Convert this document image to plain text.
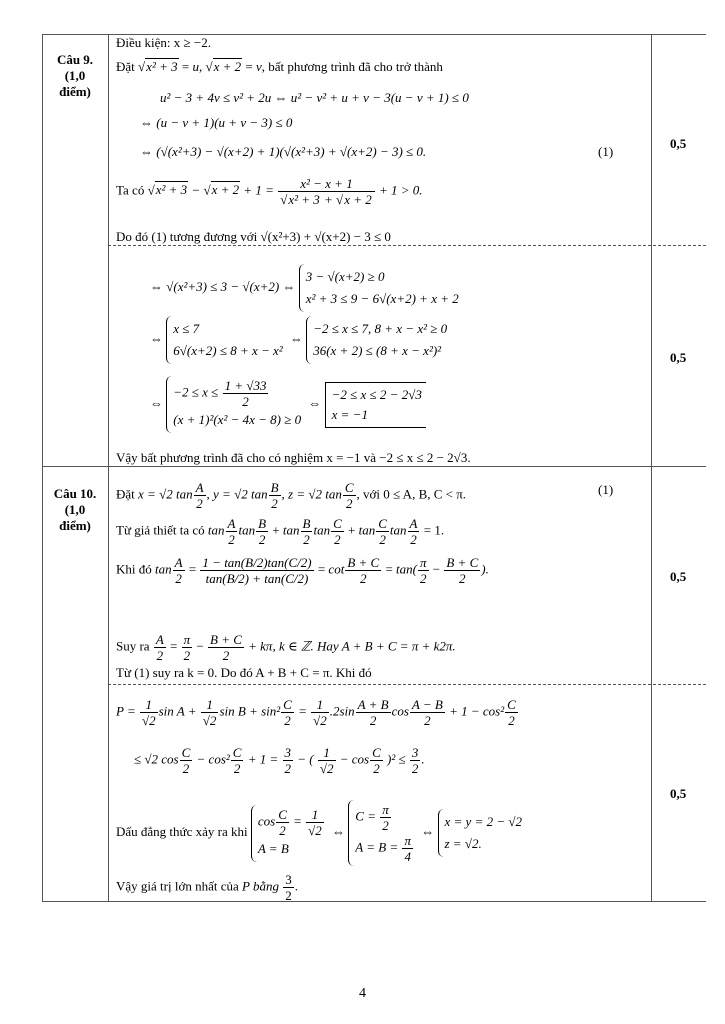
Câu 9.
(1,0
điểm)
Câu 10.
(1,0
điểm)
0,5
0,5
0,5
0,5
Điều kiện: x ≥ −2.
Đặt √x² + 3 = u, √x + 2 = v, bất phương trình đã cho trở thành
u² − 3 + 4v ≤ v² + 2u ⇔ u² − v² + u + v − 3(u − v + 1) ≤ 0
⇔ (u − v + 1)(u + v − 3) ≤ 0
⇔ (√(x²+3) − √(x+2) + 1)(√(x²+3) + √(x+2) − 3) ≤ 0.	(1)
Ta có $√x^2 + 3 - √x + 2 + 1 = \frac{\text{x² − x + 1}}{\text{√x² + 3 + √x + 2}} + 1 > 0$.
Do đó (1) tương đương với √(x²+3) + √(x+2) − 3 ≤ 0
⇔ √(x²+3) ≤ 3 − √(x+2) ⇔ 3 − √(x+2) ≥ 0
x² + 3 ≤ 9 − 6√(x+2) + x + 2
⇔ x ≤ 7
6√(x+2) ≤ 8 + x − x² ⇔ −2 ≤ x ≤ 7, 8 + x − x² ≥ 0
36(x + 2) ≤ (8 + x − x²)²
⇔ $-2 \le x \le \frac{1 + √33}{2}$

(x + 1)²(x² − 4x − 8) ≥ 0 ⇔ −2 ≤ x ≤ 2 − 2√3
x = −1
Vậy bất phương trình đã cho có nghiệm x = −1 và −2 ≤ x ≤ 2 − 2√3.
Đặt x = √2 $\tan \frac{A}{2}$ , y = √2 $\tan \frac{B}{2}$ , z = √2 $\tan \frac{C}{2}$ , với 0 ≤ A, B, C < π.	(1)
Từ giả thiết ta có $\tan \frac{A}{2}$ $\tan \frac{B}{2} + \tan \frac{B}{2}$ $\tan \frac{C}{2} + \tan \frac{C}{2}$ $\tan \frac{A}{2} = 1$.
Khi đó $\tan \frac{A}{2} = \frac{1 - \tan(B/2)\tan(C/2)}{\tan(B/2) + \tan(C/2)} = \cot \frac{B + C}{2} = \tan( \frac{\pi}{2} - \frac{B + C}{2}$ ).
Suy ra $\frac{A}{2} = \frac{\pi}{2} - \frac{B + C}{2} + k\pi$, k ∈ ℤ. Hay A + B + C = π + k2π.
Từ (1) suy ra k = 0. Do đó A + B + C = π. Khi đó
$P = \frac{1}{√2}$ $\sin A + \frac{1}{√2}$ $\sin B + \sin^2 \frac{C}{2} = \frac{1}{√2} .2\sin \frac{A + B}{2}$ $\cos \frac{A - B}{2} + 1 - \cos^2 \frac{C}{2}$
≤ √2 $\cos \frac{C}{2} - \cos^2 \frac{C}{2} + 1 = \frac{3}{2}$ − ( $\frac{1}{√2} - \cos \frac{C}{2} )^2 \le \frac{3}{2}$ .
Dấu đẳng thức xảy ra khi $\cos \frac{C}{2} = \frac{1}{√2}$

A = B ⇔ $C = \frac{\pi}{2}$

$A = B = \frac{\pi}{4}$
⇔ x = y = 2 − √2
z = √2.
Vậy giá trị lớn nhất của P bằng $\frac{3}{2}$ .
4
